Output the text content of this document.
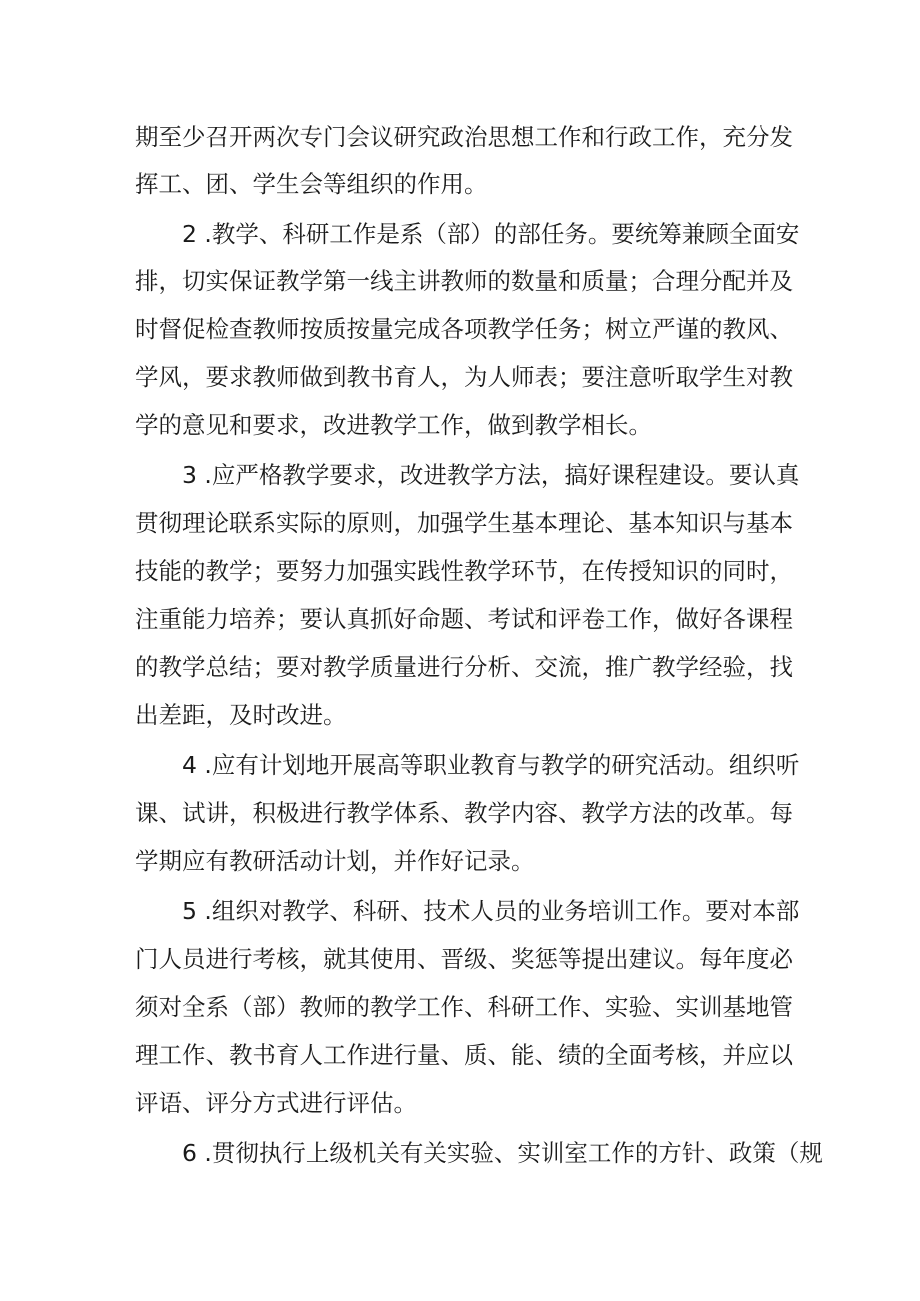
期至少召开两次专门会议研究政治思想工作和行政工作，充分发
挥工、团、学生会等组织的作用。
2 .教学、科研工作是系（部）的部任务。要统筹兼顾全面安
排，切实保证教学第一线主讲教师的数量和质量；合理分配并及
时督促检查教师按质按量完成各项教学任务；树立严谨的教风、
学风，要求教师做到教书育人，为人师表；要注意听取学生对教
学的意见和要求，改进教学工作，做到教学相长。
3 .应严格教学要求，改进教学方法，搞好课程建设。要认真
贯彻理论联系实际的原则，加强学生基本理论、基本知识与基本
技能的教学；要努力加强实践性教学环节，在传授知识的同时，
注重能力培养；要认真抓好命题、考试和评卷工作，做好各课程
的教学总结；要对教学质量进行分析、交流，推广教学经验，找
出差距，及时改进。
4 .应有计划地开展高等职业教育与教学的研究活动。组织听
课、试讲，积极进行教学体系、教学内容、教学方法的改革。每
学期应有教研活动计划，并作好记录。
5 .组织对教学、科研、技术人员的业务培训工作。要对本部
门人员进行考核，就其使用、晋级、奖惩等提出建议。每年度必
须对全系（部）教师的教学工作、科研工作、实验、实训基地管
理工作、教书育人工作进行量、质、能、绩的全面考核，并应以
评语、评分方式进行评估。
6 .贯彻执行上级机关有关实验、实训室工作的方针、政策（规
